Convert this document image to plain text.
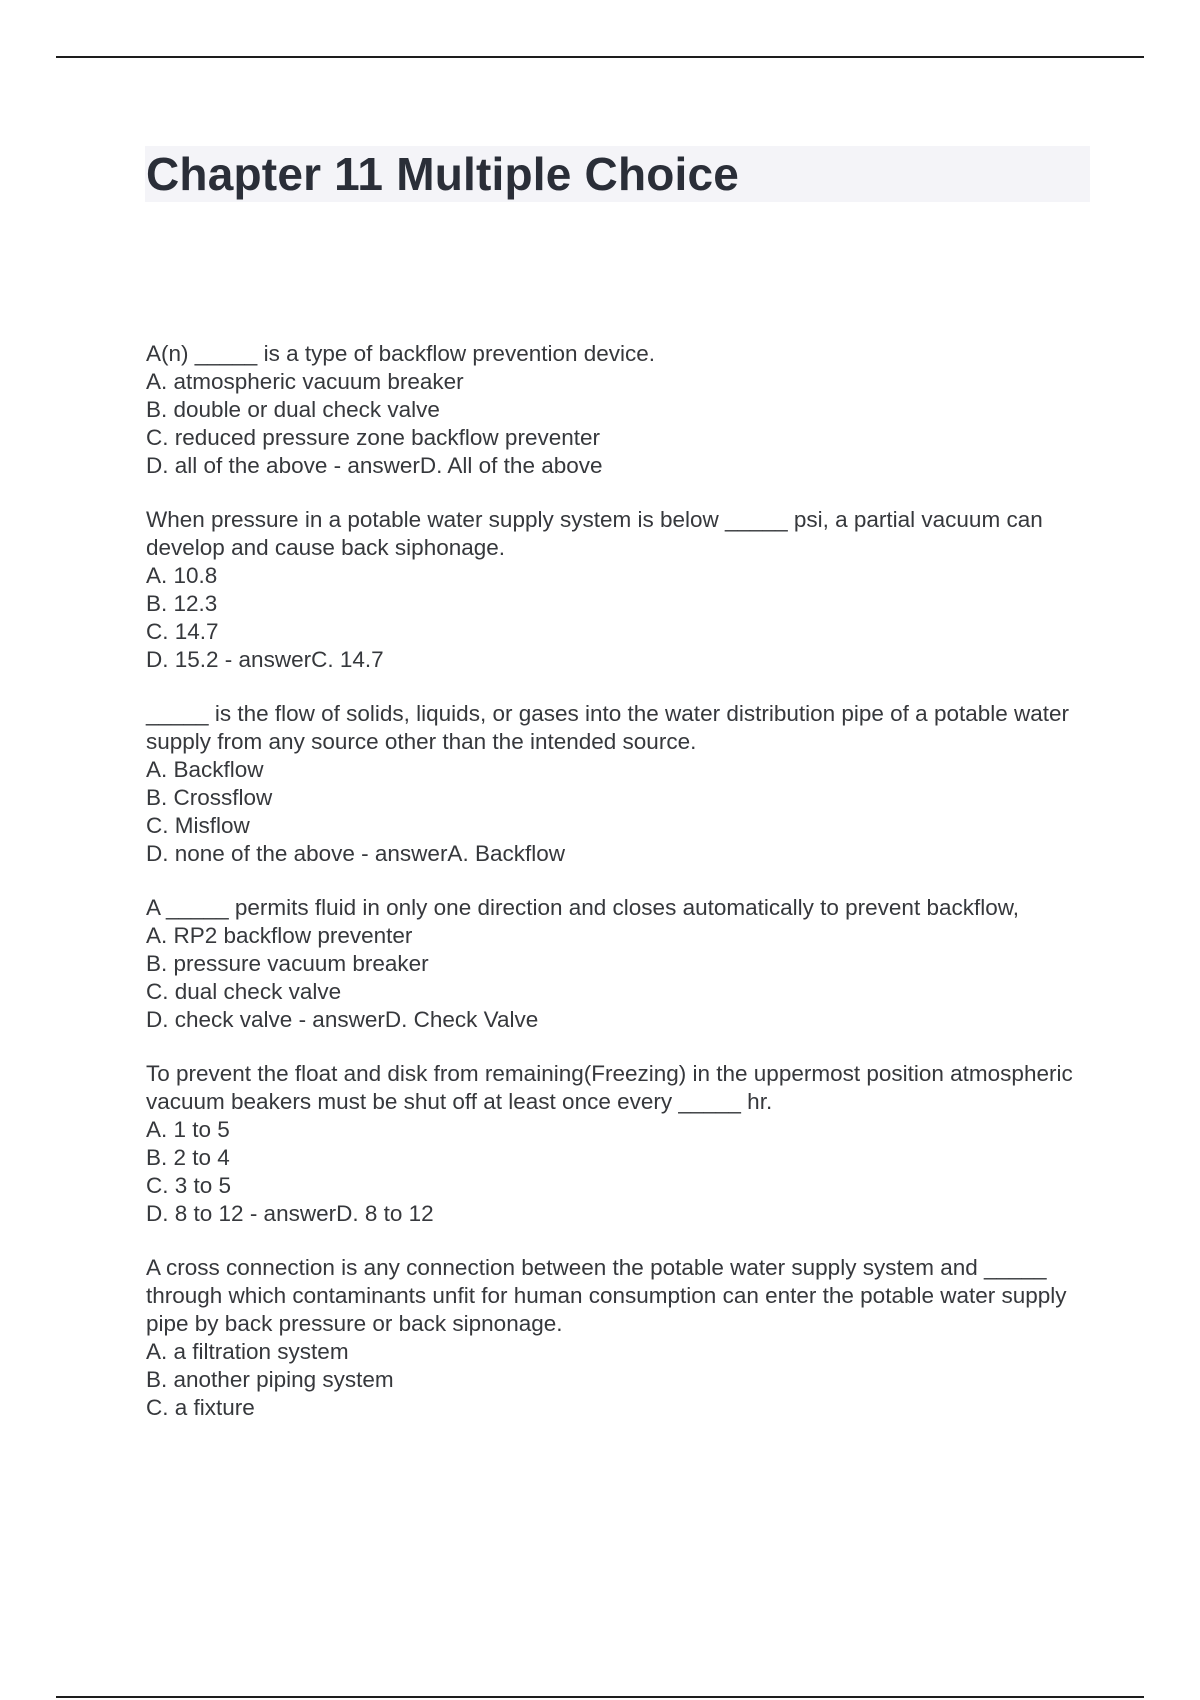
Chapter 11 Multiple Choice
A(n) _____ is a type of backflow prevention device.
A. atmospheric vacuum breaker
B. double or dual check valve
C. reduced pressure zone backflow preventer
D. all of the above - answerD. All of the above
When pressure in a potable water supply system is below _____ psi, a partial vacuum can develop and cause back siphonage.
A. 10.8
B. 12.3
C. 14.7
D. 15.2 - answerC. 14.7
_____ is the flow of solids, liquids, or gases into the water distribution pipe of a potable water supply from any source other than the intended source.
A. Backflow
B. Crossflow
C. Misflow
D. none of the above - answerA. Backflow
A _____ permits fluid in only one direction and closes automatically to prevent backflow,
A. RP2 backflow preventer
B. pressure vacuum breaker
C. dual check valve
D. check valve - answerD. Check Valve
To prevent the float and disk from remaining(Freezing) in the uppermost position atmospheric vacuum beakers must be shut off at least once every _____ hr.
A. 1 to 5
B. 2 to 4
C. 3 to 5
D. 8 to 12 - answerD. 8 to 12
A cross connection is any connection between the potable water supply system and _____ through which contaminants unfit for human consumption can enter the potable water supply pipe by back pressure or back sipnonage.
A. a filtration system
B. another piping system
C. a fixture
